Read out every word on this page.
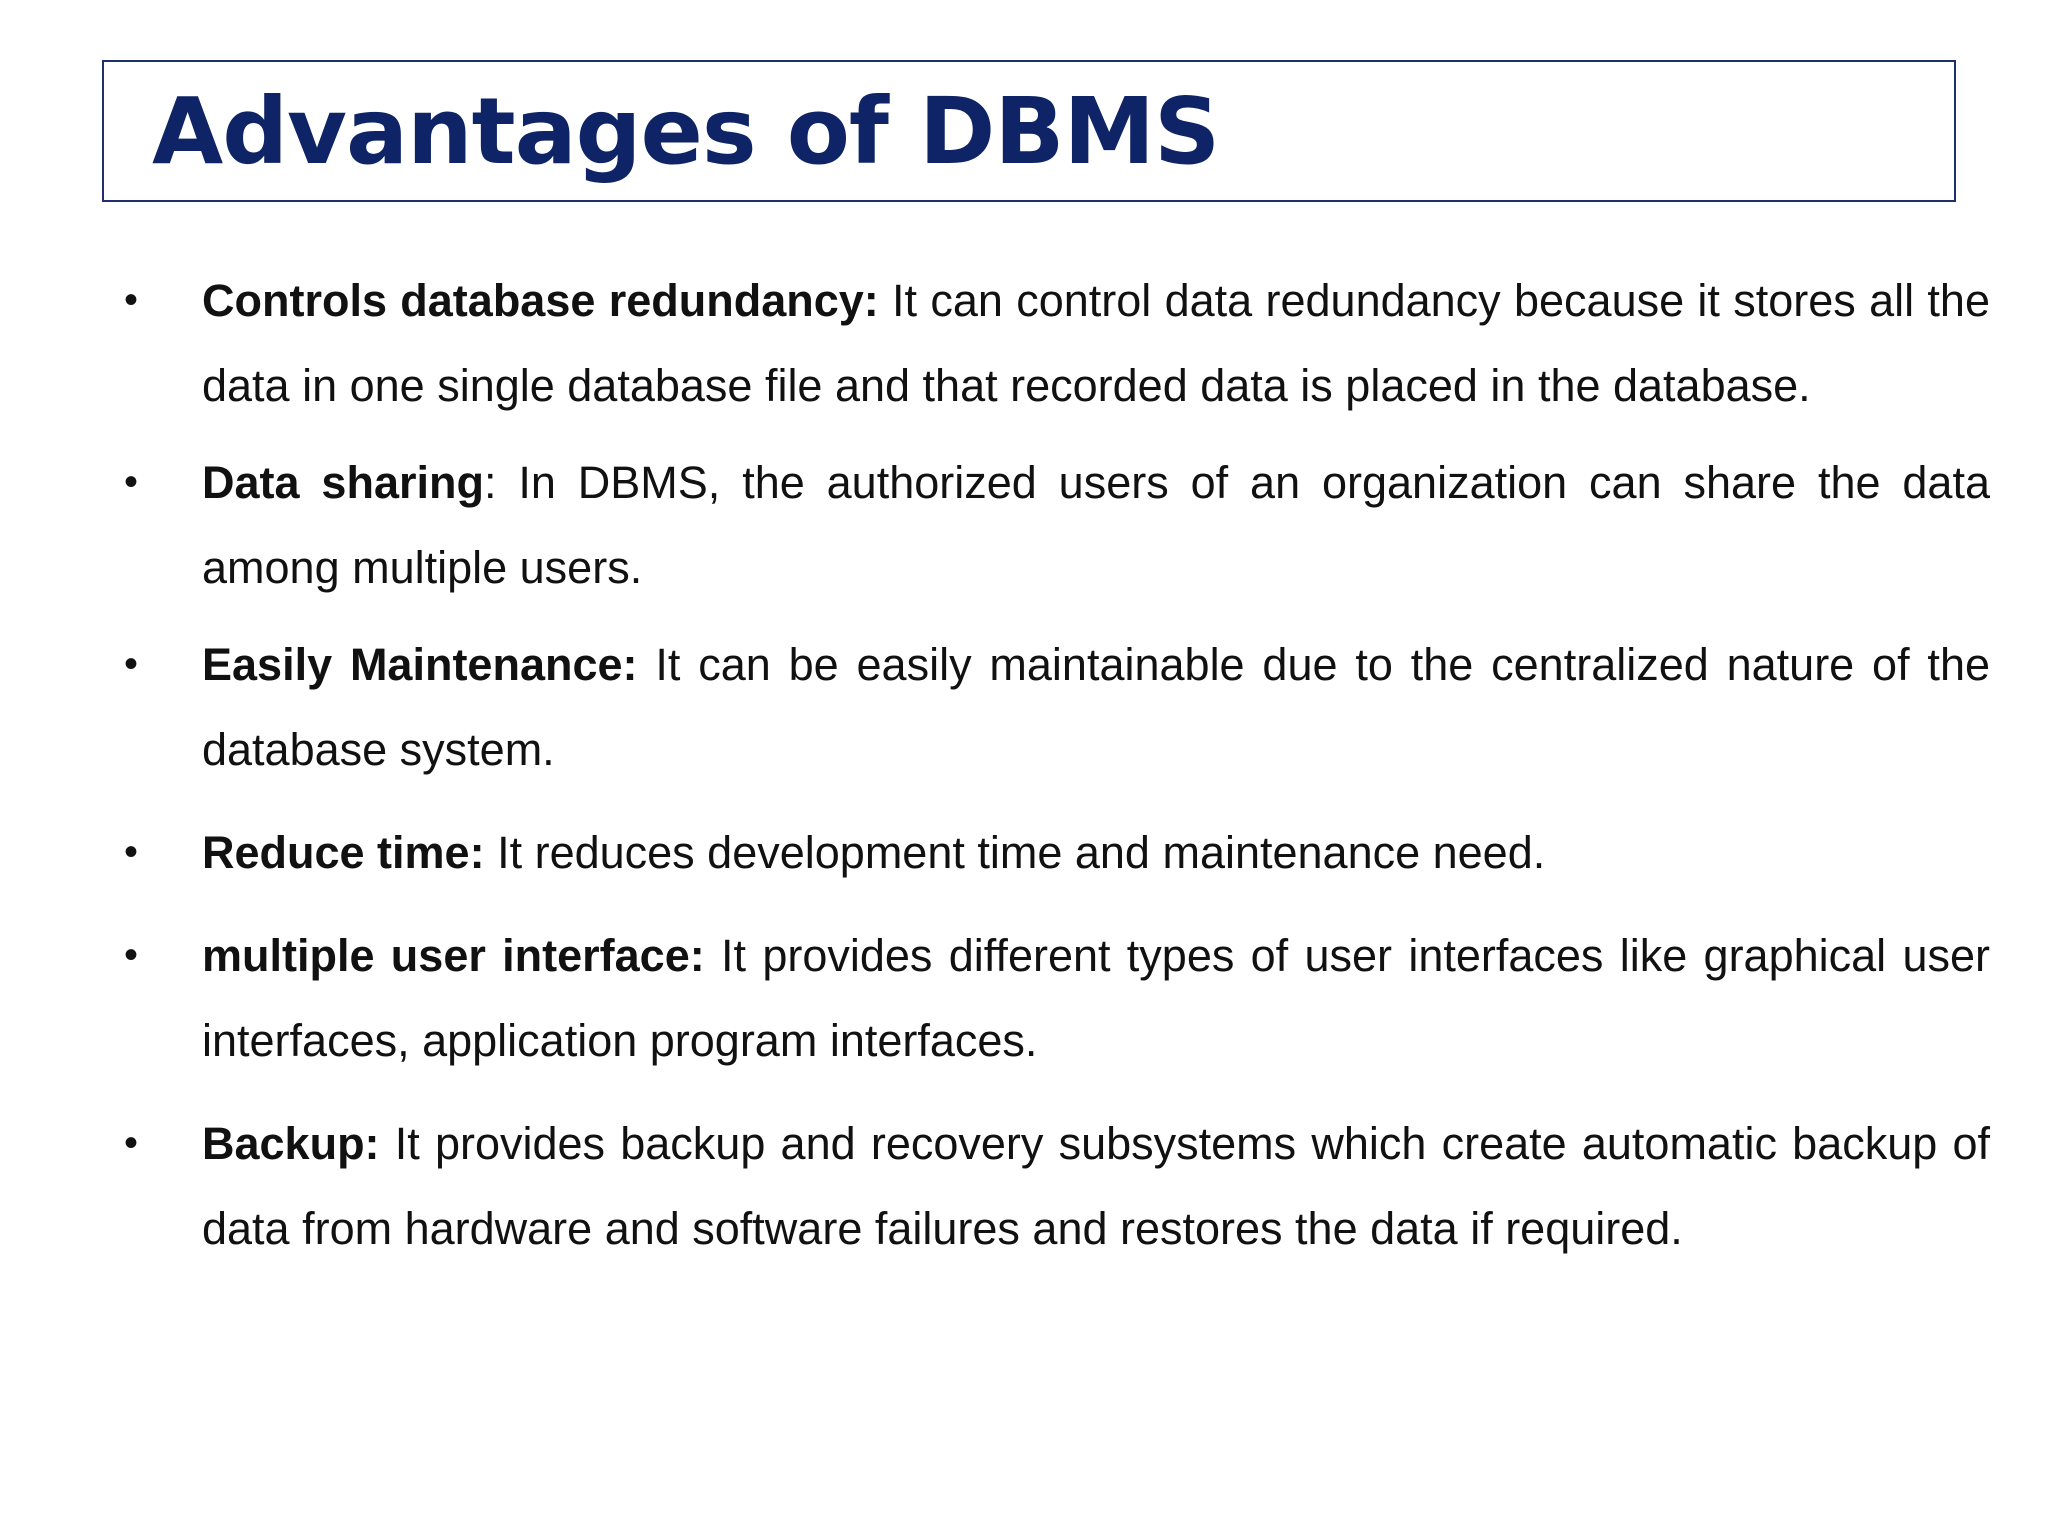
Advantages of DBMS
•	Controls database redundancy: It can control data redundancy because it stores all the data in one single database file and that recorded data is placed in the database.
•	Data sharing: In DBMS, the authorized users of an organization can share the data among multiple users.
•	Easily Maintenance: It can be easily maintainable due to the centralized nature of the database system.
•	Reduce time: It reduces development time and maintenance need.
•	multiple user interface: It provides different types of user interfaces like graphical user interfaces, application program interfaces.
•	Backup: It provides backup and recovery subsystems which create automatic backup of data from hardware and software failures and restores the data if required.
